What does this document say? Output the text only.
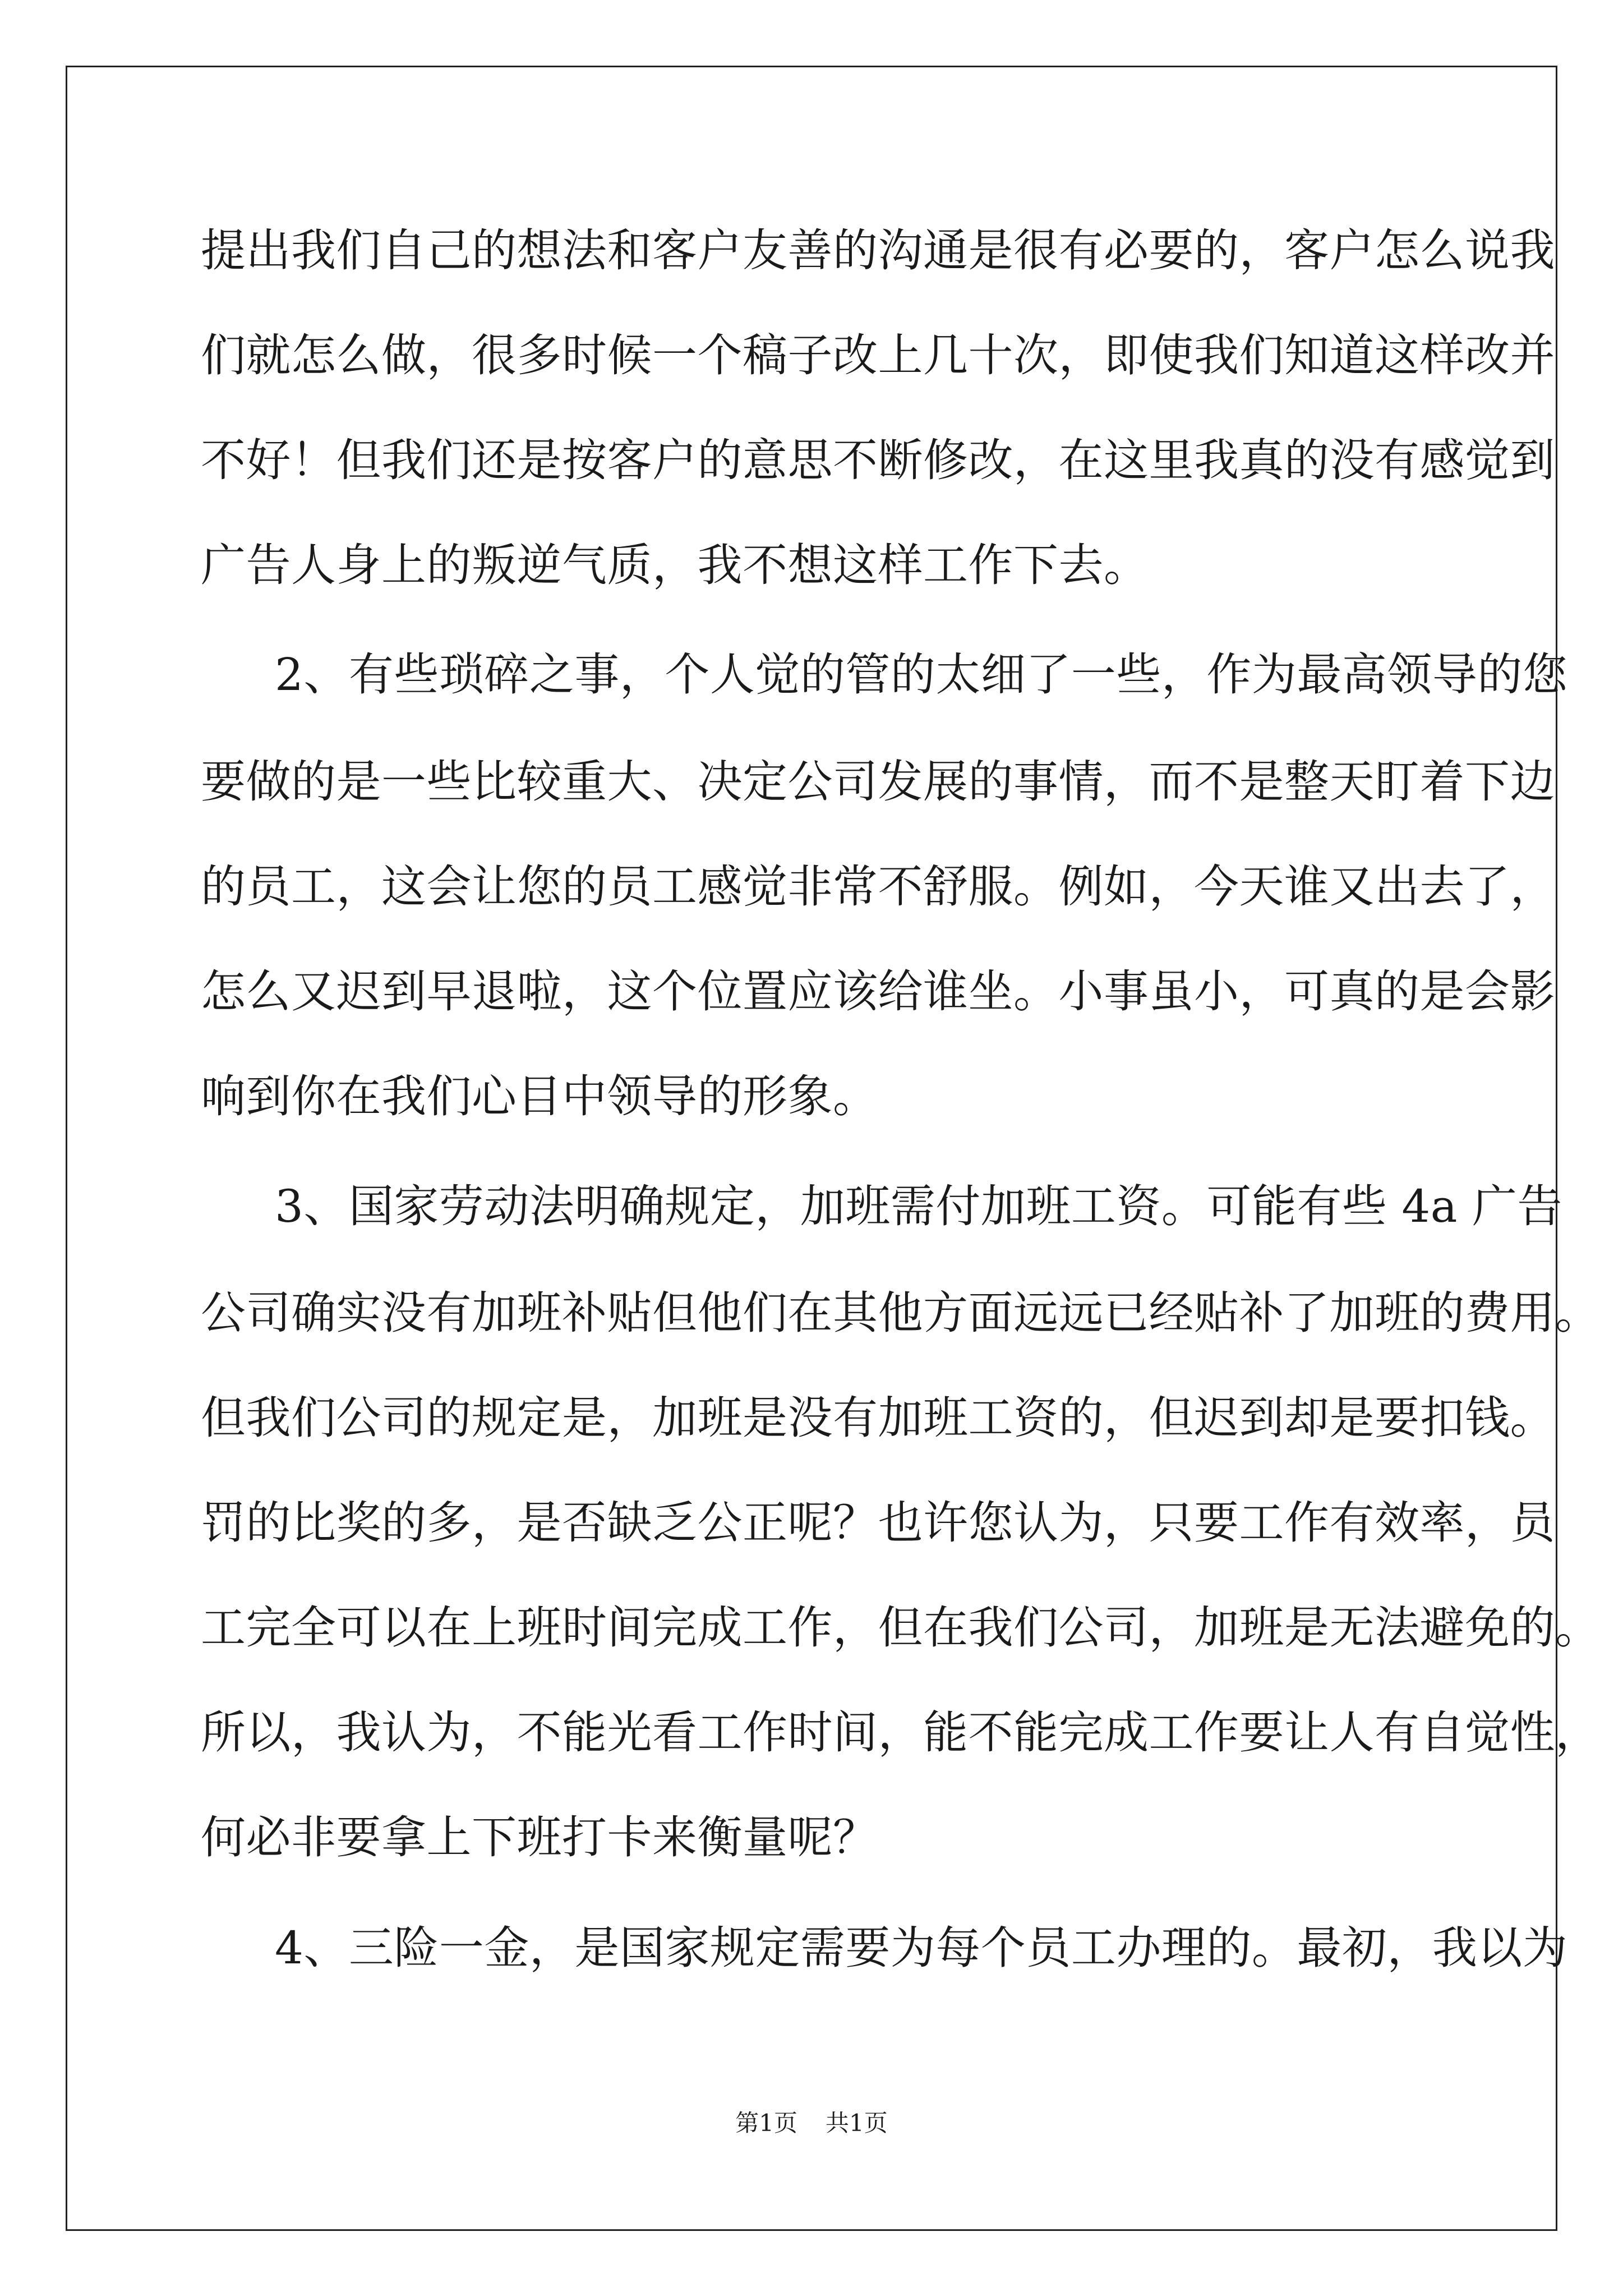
提出我们自己的想法和客户友善的沟通是很有必要的，客户怎么说我
们就怎么做，很多时候一个稿子改上几十次，即使我们知道这样改并
不好！但我们还是按客户的意思不断修改，在这里我真的没有感觉到
广告人身上的叛逆气质，我不想这样工作下去。
2、有些琐碎之事，个人觉的管的太细了一些，作为最高领导的您
要做的是一些比较重大、决定公司发展的事情，而不是整天盯着下边
的员工，这会让您的员工感觉非常不舒服。例如，今天谁又出去了，
怎么又迟到早退啦，这个位置应该给谁坐。小事虽小，可真的是会影
响到你在我们心目中领导的形象。
3、国家劳动法明确规定，加班需付加班工资。可能有些 4a 广告
公司确实没有加班补贴但他们在其他方面远远已经贴补了加班的费用。
但我们公司的规定是，加班是没有加班工资的，但迟到却是要扣钱。
罚的比奖的多，是否缺乏公正呢？也许您认为，只要工作有效率，员
工完全可以在上班时间完成工作，但在我们公司，加班是无法避免的。
所以，我认为，不能光看工作时间，能不能完成工作要让人有自觉性，
何必非要拿上下班打卡来衡量呢？
4、三险一金，是国家规定需要为每个员工办理的。最初，我以为
第1页 共1页
